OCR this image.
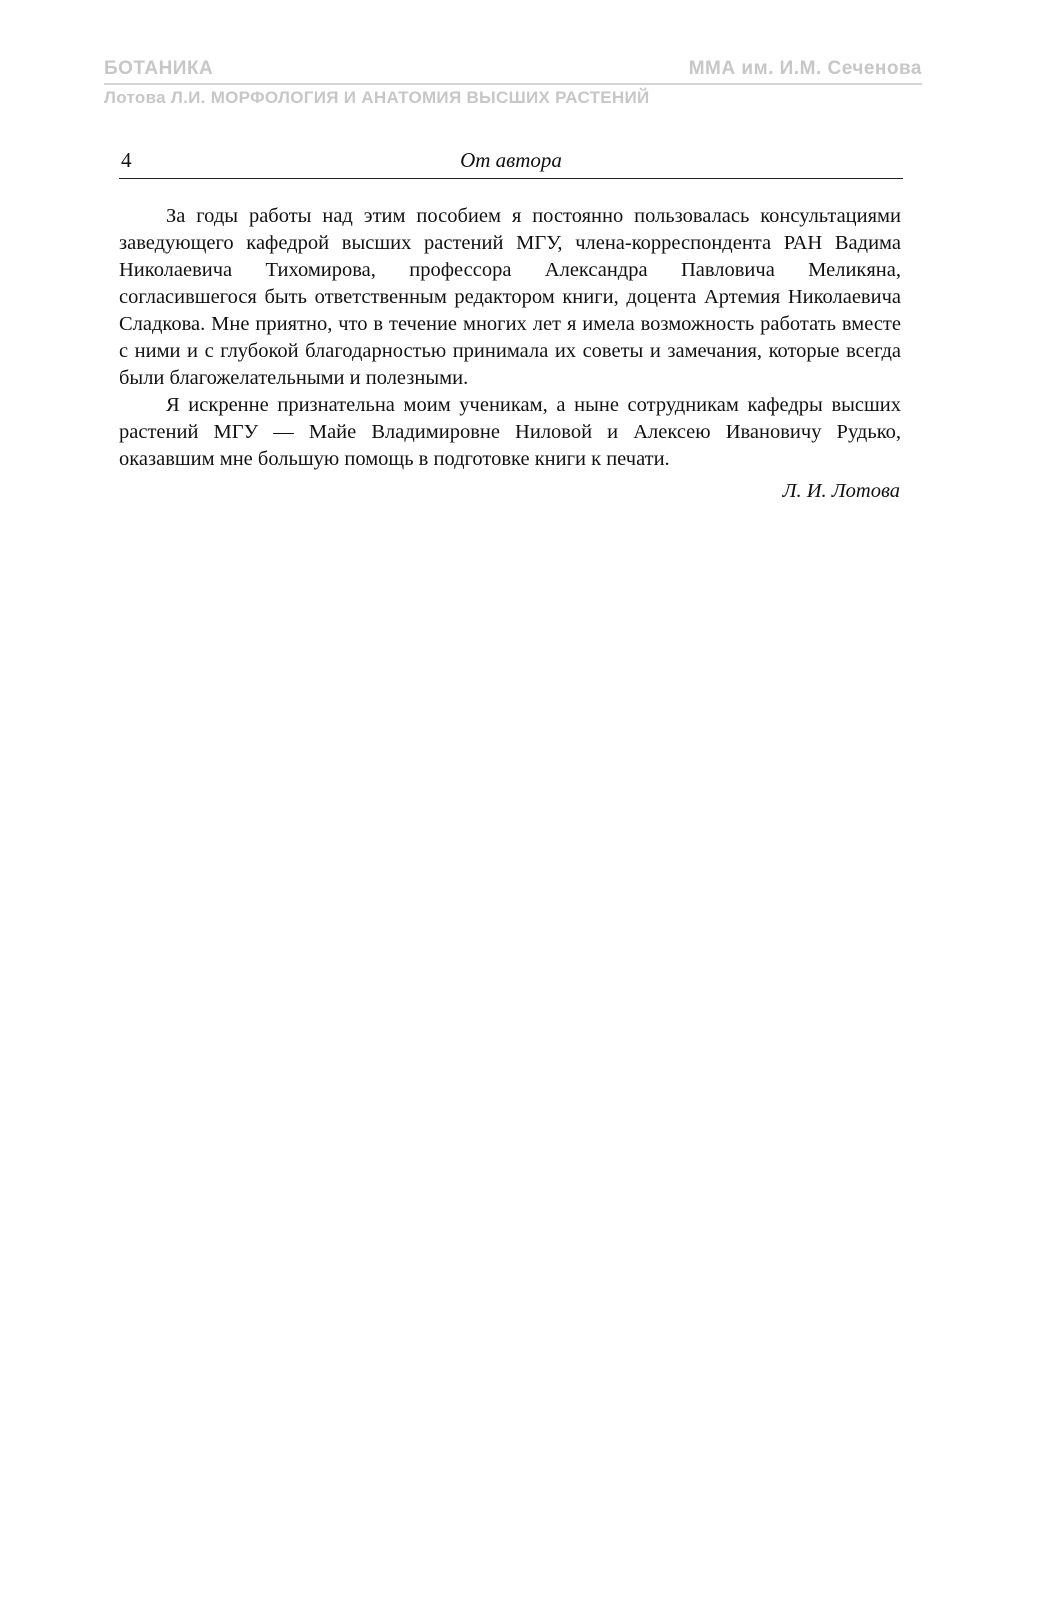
БОТАНИКА	ММА им. И.М. Сеченова
Лотова Л.И. МОРФОЛОГИЯ И АНАТОМИЯ ВЫСШИХ РАСТЕНИЙ
4	От автора

За годы работы над этим пособием я постоянно пользовалась консультациями заведующего кафедрой высших растений МГУ, члена-корреспондента РАН Вадима Николаевича Тихомирова, профессора Александра Павловича Меликяна, согласившегося быть ответственным редактором книги, доцента Артемия Николаевича Сладкова. Мне приятно, что в течение многих лет я имела возможность работать вместе с ними и с глубокой благодарностью принимала их советы и замечания, которые всегда были благожелательными и полезными.

Я искренне признательна моим ученикам, а ныне сотрудникам кафедры высших растений МГУ — Майе Владимировне Ниловой и Алексею Ивановичу Рудько, оказавшим мне большую помощь в подготовке книги к печати.

Л. И. Лотова
